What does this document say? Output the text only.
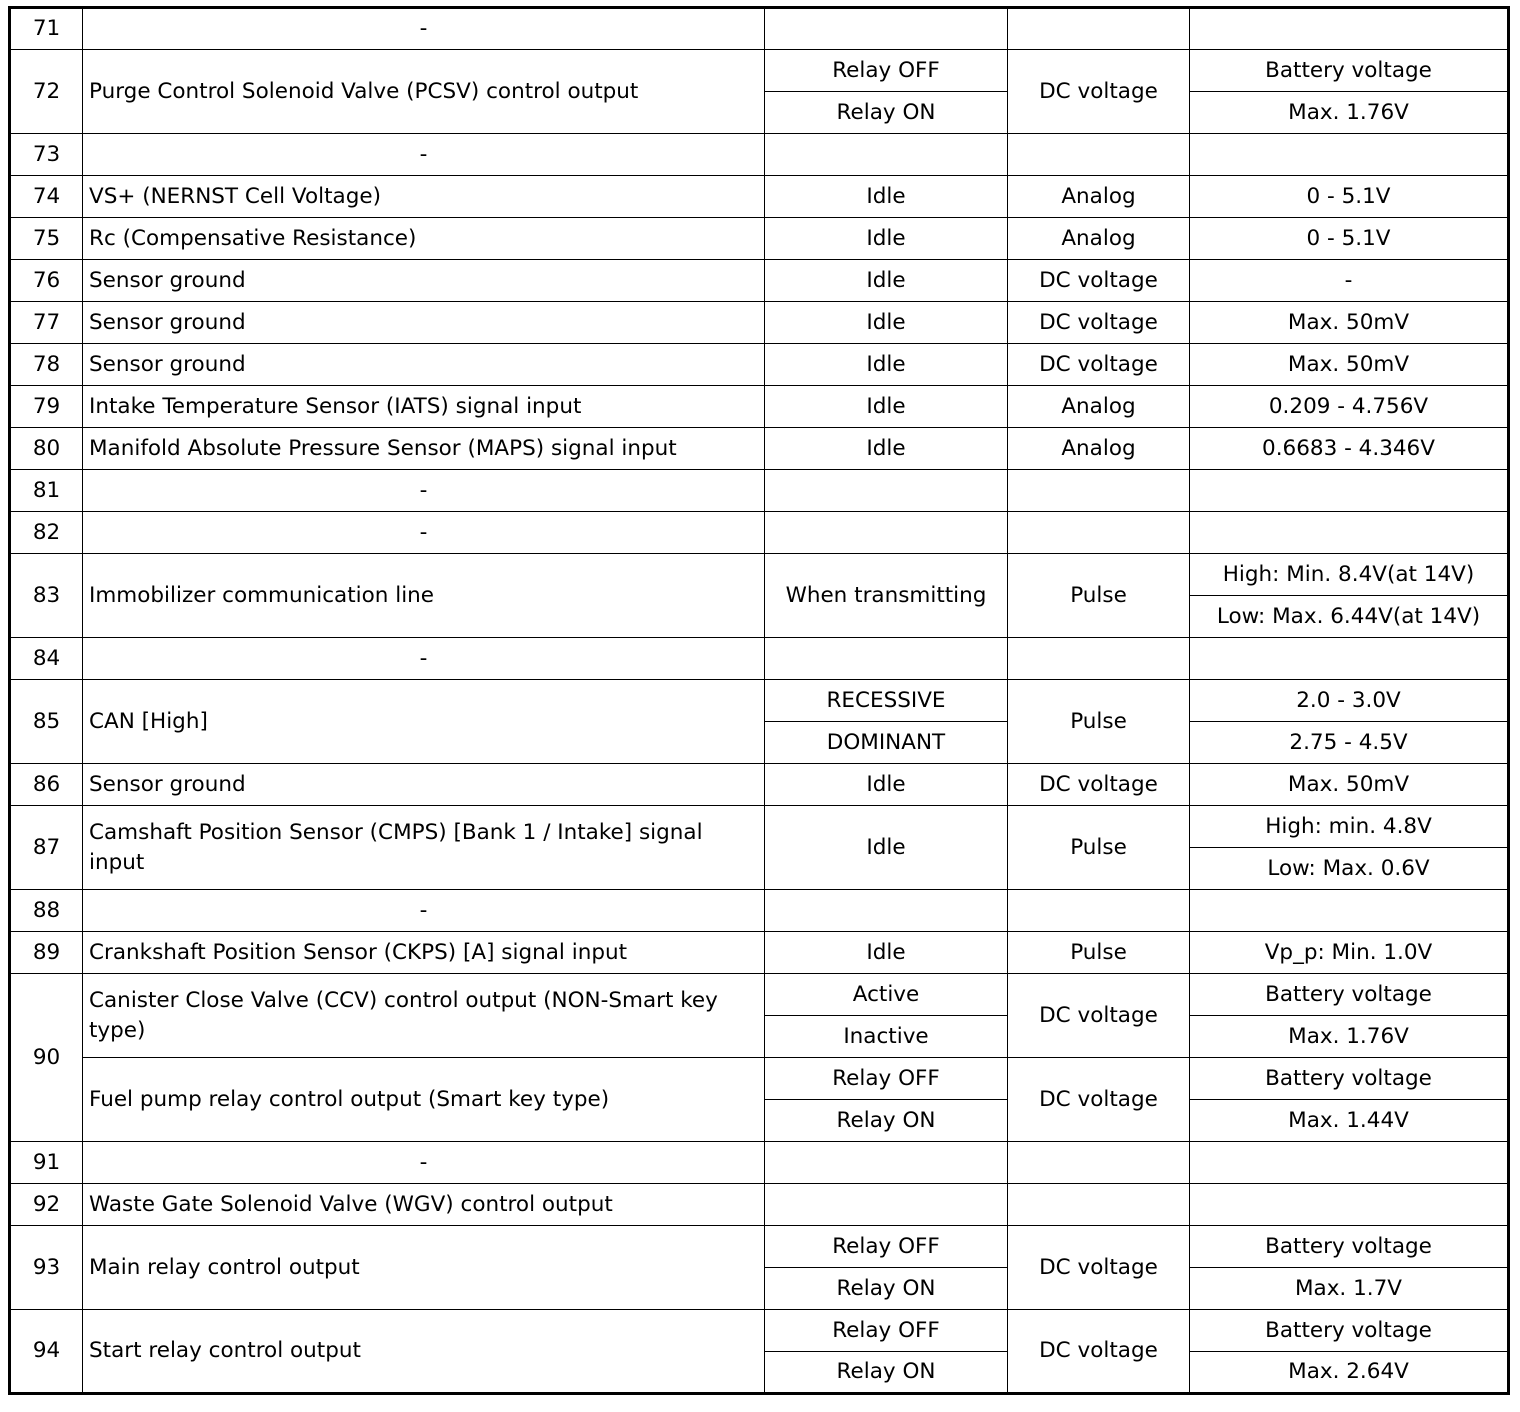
71	-			
72	Purge Control Solenoid Valve (PCSV) control output	Relay OFF	DC voltage	Battery voltage
		Relay ON		Max. 1.76V
73	-			
74	VS+ (NERNST Cell Voltage)	Idle	Analog	0 - 5.1V
75	Rc (Compensative Resistance)	Idle	Analog	0 - 5.1V
76	Sensor ground	Idle	DC voltage	-
77	Sensor ground	Idle	DC voltage	Max. 50mV
78	Sensor ground	Idle	DC voltage	Max. 50mV
79	Intake Temperature Sensor (IATS) signal input	Idle	Analog	0.209 - 4.756V
80	Manifold Absolute Pressure Sensor (MAPS) signal input	Idle	Analog	0.6683 - 4.346V
81	-			
82	-			
83	Immobilizer communication line	When transmitting	Pulse	High: Min. 8.4V(at 14V)
				Low: Max. 6.44V(at 14V)
84	-			
85	CAN [High]	RECESSIVE	Pulse	2.0 - 3.0V
		DOMINANT		2.75 - 4.5V
86	Sensor ground	Idle	DC voltage	Max. 50mV
87	Camshaft Position Sensor (CMPS) [Bank 1 / Intake] signal input	Idle	Pulse	High: min. 4.8V
				Low: Max. 0.6V
88	-			
89	Crankshaft Position Sensor (CKPS) [A] signal input	Idle	Pulse	Vp_p: Min. 1.0V
90	Canister Close Valve (CCV) control output (NON-Smart key type)	Active	DC voltage	Battery voltage
		Inactive		Max. 1.76V
	Fuel pump relay control output (Smart key type)	Relay OFF	DC voltage	Battery voltage
		Relay ON		Max. 1.44V
91	-			
92	Waste Gate Solenoid Valve (WGV) control output			
93	Main relay control output	Relay OFF	DC voltage	Battery voltage
		Relay ON		Max. 1.7V
94	Start relay control output	Relay OFF	DC voltage	Battery voltage
		Relay ON		Max. 2.64V
